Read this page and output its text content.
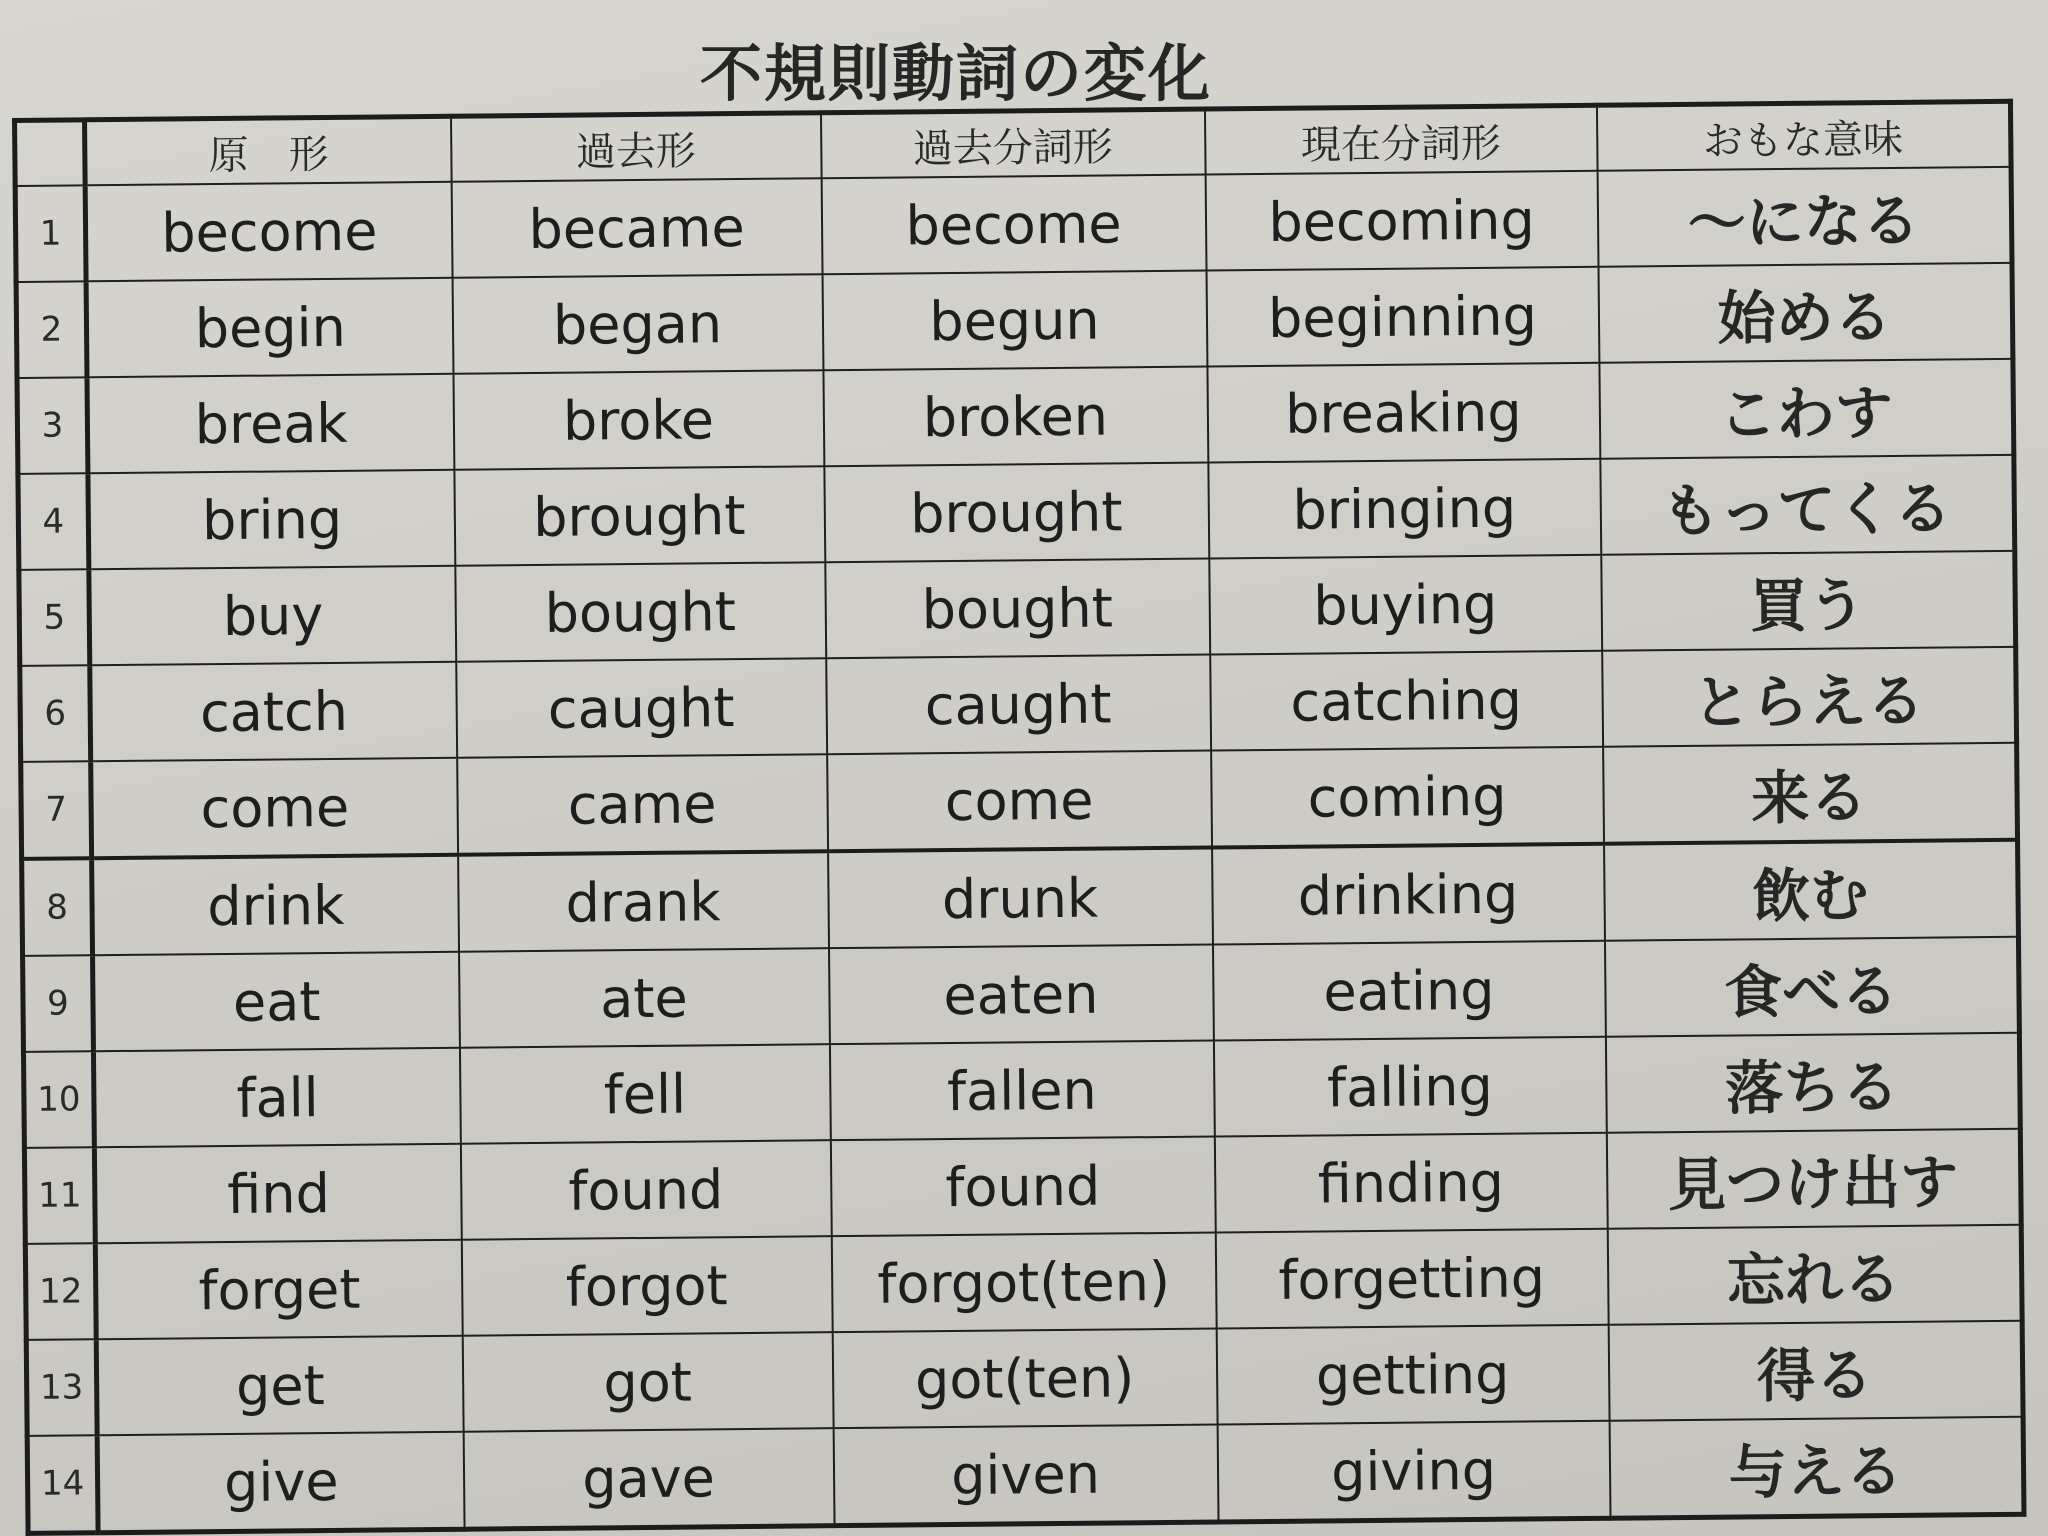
不規則動詞の変化
	原　形	過去形	過去分詞形	現在分詞形	おもな意味
1	become	became	become	becoming	～になる
2	begin	began	begun	beginning	始める
3	break	broke	broken	breaking	こわす
4	bring	brought	brought	bringing	もってくる
5	buy	bought	bought	buying	買う
6	catch	caught	caught	catching	とらえる
7	come	came	come	coming	来る
8	drink	drank	drunk	drinking	飲む
9	eat	ate	eaten	eating	食べる
10	fall	fell	fallen	falling	落ちる
11	find	found	found	finding	見つけ出す
12	forget	forgot	forgot(ten)	forgetting	忘れる
13	get	got	got(ten)	getting	得る
14	give	gave	given	giving	与える
